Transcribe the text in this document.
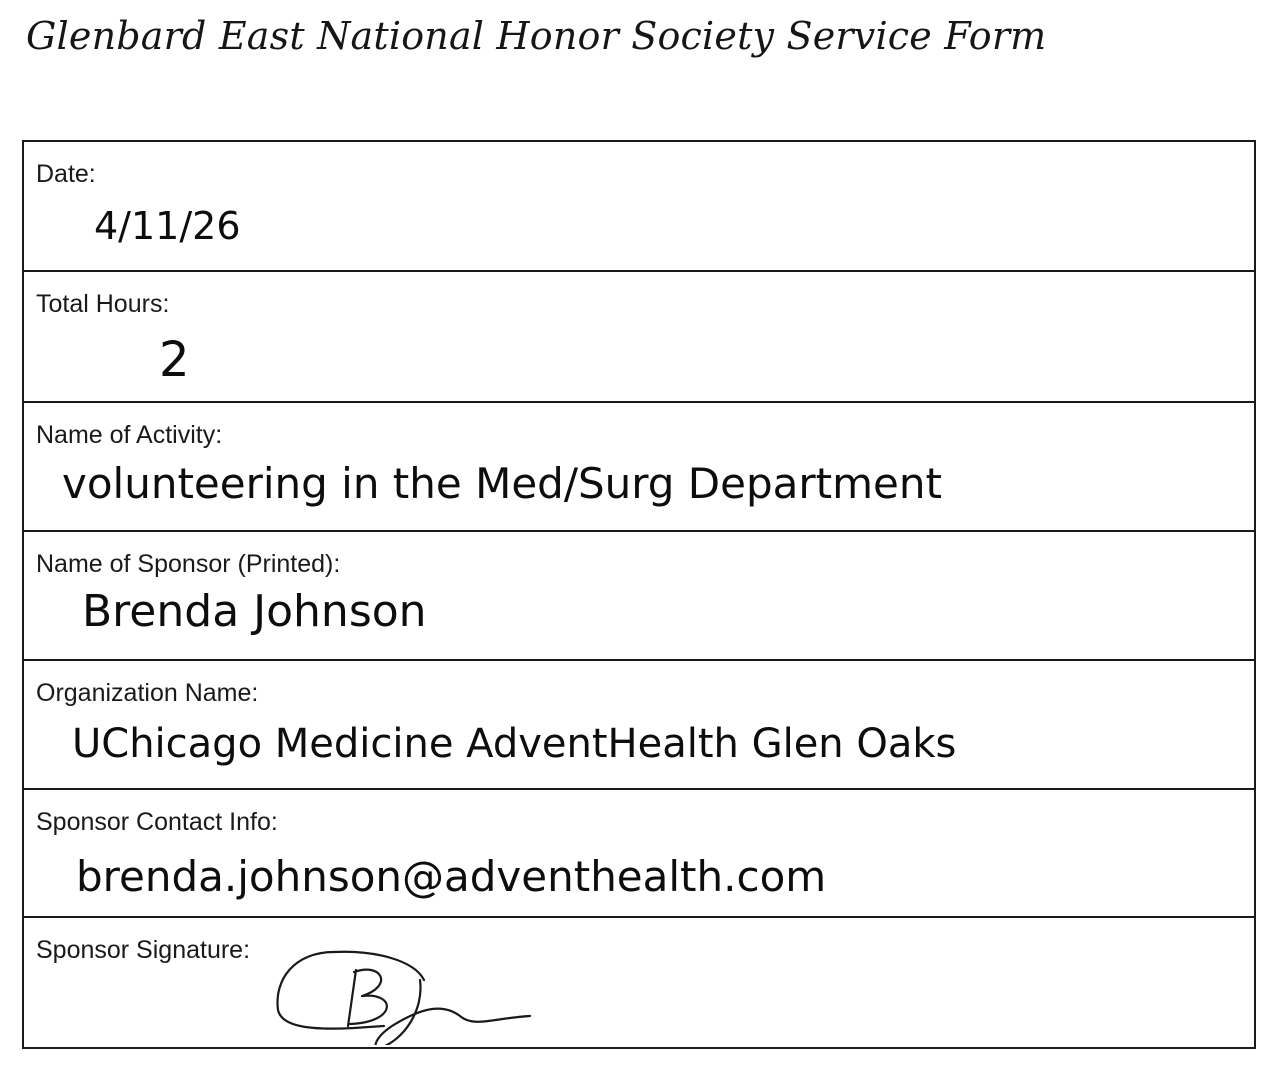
Glenbard East National Honor Society Service Form
Date:
4/11/26
Total Hours:
2
Name of Activity:
volunteering in the Med/Surg Department
Name of Sponsor (Printed):
Brenda Johnson
Organization Name:
UChicago Medicine AdventHealth Glen Oaks
Sponsor Contact Info:
brenda.johnson@adventhealth.com
Sponsor Signature:
